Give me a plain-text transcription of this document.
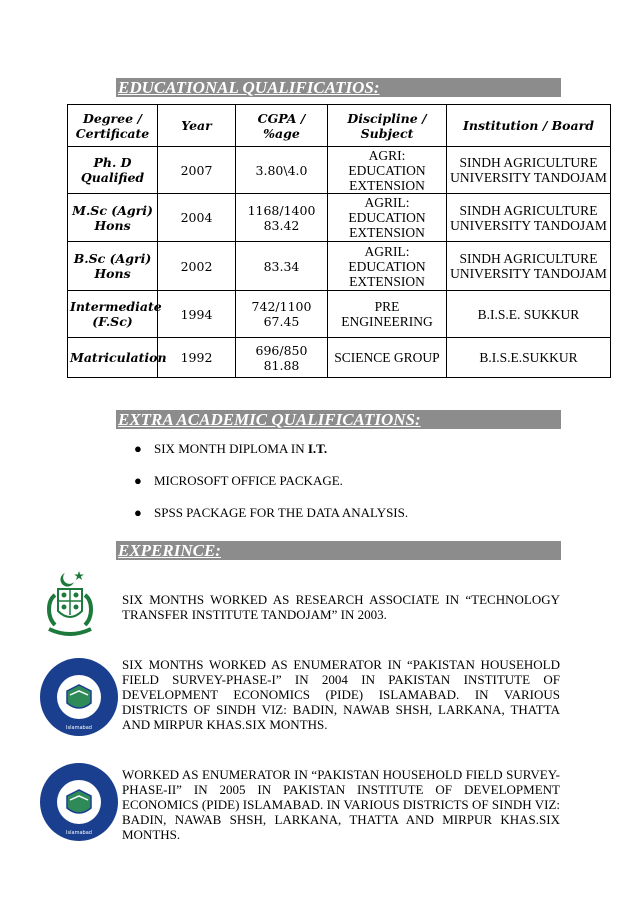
EDUCATIONAL QUALIFICATIOS:
Degree / Certificate	Year	CGPA / %age	Discipline / Subject	Institution / Board
Ph. D Qualified	2007	3.80\4.0	AGRI: EDUCATION EXTENSION	SINDH AGRICULTURE UNIVERSITY TANDOJAM
M.Sc (Agri) Hons	2004	1168/1400 83.42	AGRIL: EDUCATION EXTENSION	SINDH AGRICULTURE UNIVERSITY TANDOJAM
B.Sc (Agri) Hons	2002	83.34	AGRIL: EDUCATION EXTENSION	SINDH AGRICULTURE UNIVERSITY TANDOJAM
Intermediate (F.Sc)	1994	742/1100 67.45	PRE ENGINEERING	B.I.S.E. SUKKUR
Matriculation	1992	696/850 81.88	SCIENCE GROUP	B.I.S.E.SUKKUR
EXTRA ACADEMIC QUALIFICATIONS:
● SIX MONTH DIPLOMA IN I.T.
● MICROSOFT OFFICE PACKAGE.
● SPSS PACKAGE FOR THE DATA ANALYSIS.
EXPERINCE:
SIX MONTHS WORKED AS RESEARCH ASSOCIATE IN “TECHNOLOGY TRANSFER INSTITUTE TANDOJAM” IN 2003.
Islamabad
SIX MONTHS WORKED AS ENUMERATOR IN “PAKISTAN HOUSEHOLD FIELD SURVEY-PHASE-I” IN 2004 IN PAKISTAN INSTITUTE OF DEVELOPMENT ECONOMICS (PIDE) ISLAMABAD. IN VARIOUS DISTRICTS OF SINDH VIZ: BADIN, NAWAB SHSH, LARKANA, THATTA AND MIRPUR KHAS.SIX MONTHS.
Islamabad
WORKED AS ENUMERATOR IN “PAKISTAN HOUSEHOLD FIELD SURVEY-PHASE-II” IN 2005 IN PAKISTAN INSTITUTE OF DEVELOPMENT ECONOMICS (PIDE) ISLAMABAD. IN VARIOUS DISTRICTS OF SINDH VIZ: BADIN, NAWAB SHSH, LARKANA, THATTA AND MIRPUR KHAS.SIX MONTHS.
